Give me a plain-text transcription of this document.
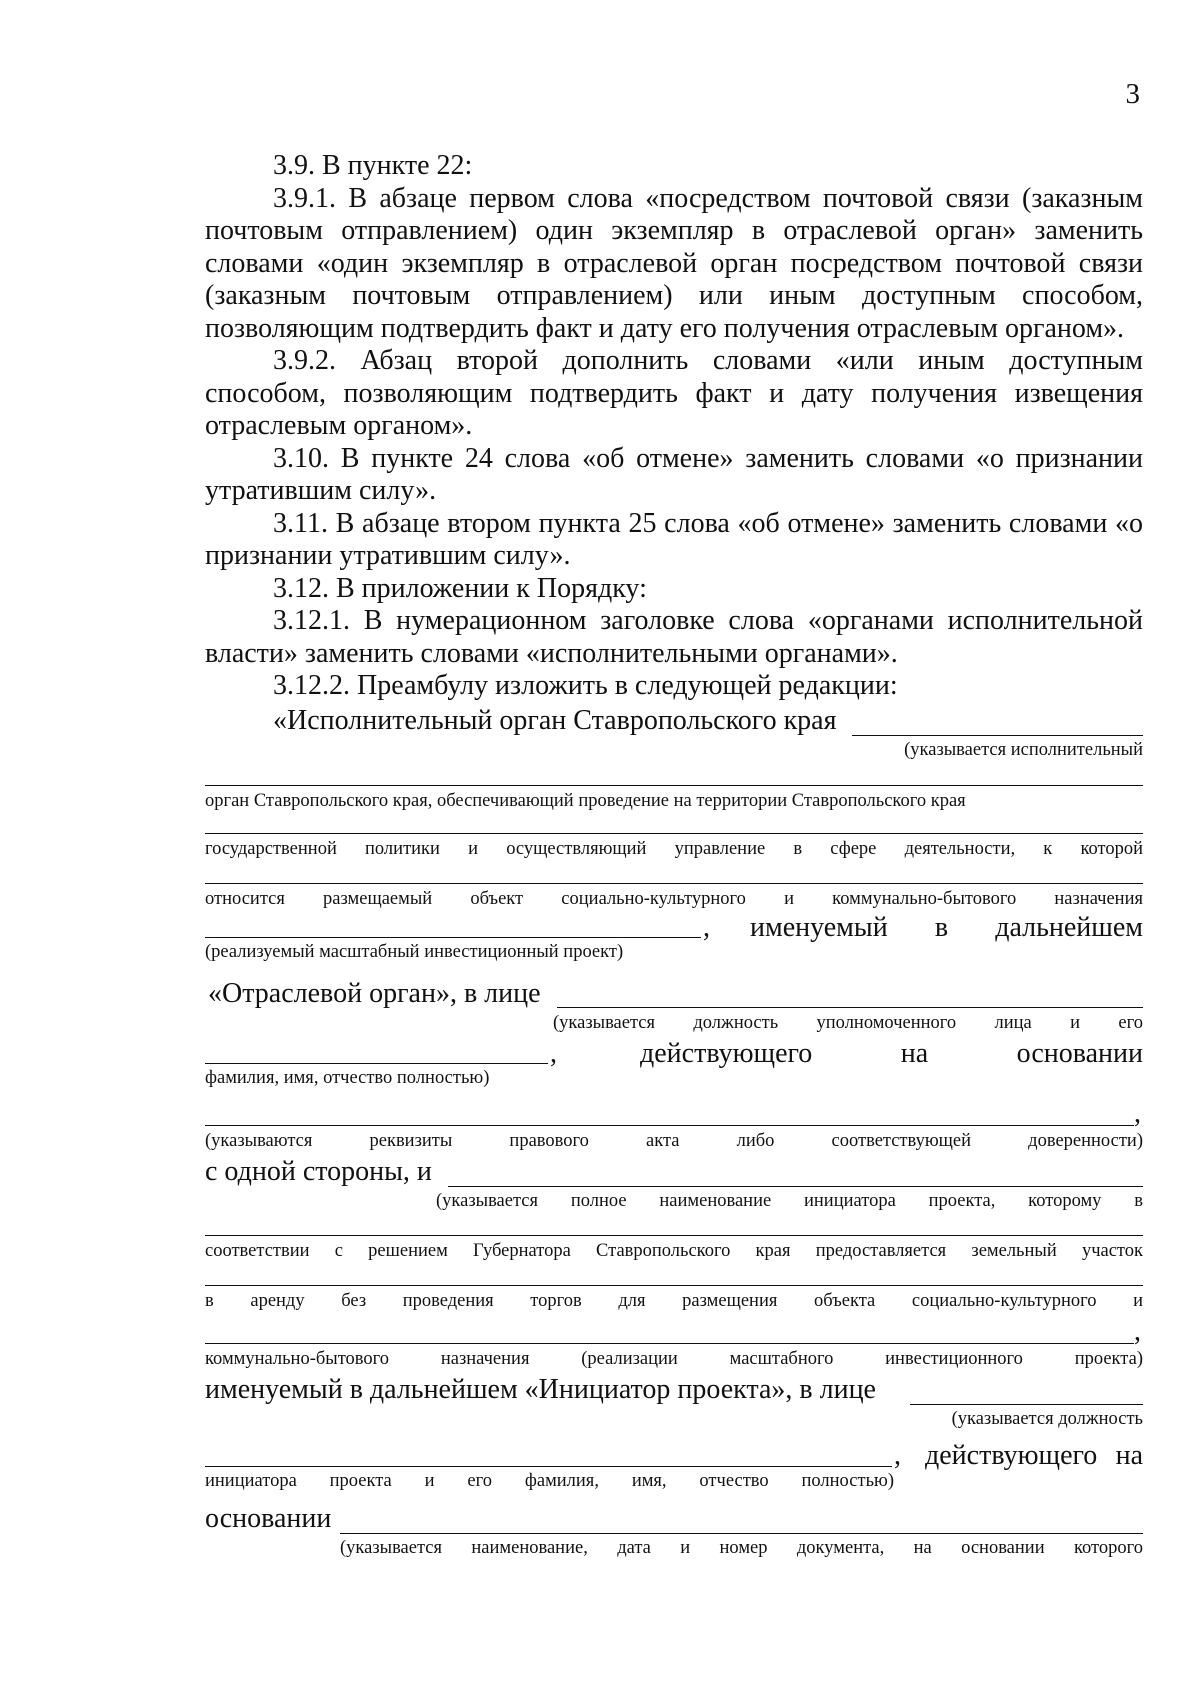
3

3.9. В пункте 22:

3.9.1. В абзаце первом слова «посредством почтовой связи (заказным почтовым отправлением) один экземпляр в отраслевой орган» заменить словами «один экземпляр в отраслевой орган посредством почтовой связи (заказным почтовым отправлением) или иным доступным способом, позволяющим подтвердить факт и дату его получения отраслевым органом».

3.9.2. Абзац второй дополнить словами «или иным доступным способом, позволяющим подтвердить факт и дату получения извещения отраслевым органом».

3.10. В пункте 24 слова «об отмене» заменить словами «о признании утратившим силу».

3.11. В абзаце втором пункта 25 слова «об отмене» заменить словами «о признании утратившим силу».

3.12. В приложении к Порядку:

3.12.1. В нумерационном заголовке слова «органами исполнительной власти» заменить словами «исполнительными органами».

3.12.2. Преамбулу изложить в следующей редакции:

«Исполнительный орган Ставропольского края
(указывается исполнительный
орган Ставропольского края, обеспечивающий проведение на территории Ставропольского края
государственной политики и осуществляющий управление в сфере деятельности, к которой
относится размещаемый объект социально-культурного и коммунально-бытового назначения
, именуемый в дальнейшем
(реализуемый масштабный инвестиционный проект)
«Отраслевой орган», в лице
(указывается должность уполномоченного лица и его
,	действующего	на	основании
фамилия, имя, отчество полностью)
,
(указываются реквизиты правового акта либо соответствующей доверенности)
с одной стороны, и
(указывается полное наименование инициатора проекта, которому в
соответствии с решением Губернатора Ставропольского края предоставляется земельный участок
в аренду без проведения торгов для размещения объекта социально-культурного и
,
коммунально-бытового назначения (реализации масштабного инвестиционного проекта)
именуемый в дальнейшем «Инициатор проекта», в лице
(указывается должность
, действующего на
инициатора проекта и его фамилия, имя, отчество полностью)
основании
(указывается наименование, дата и номер документа, на основании которого
